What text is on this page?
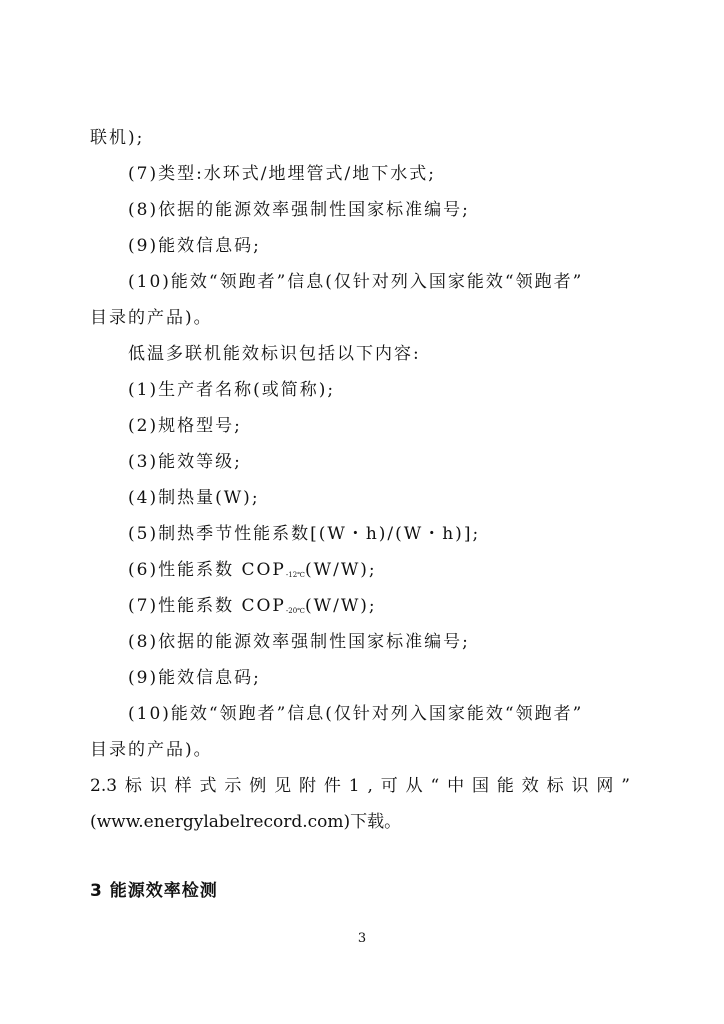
联机);
(7)类型:水环式/地埋管式/地下水式;
(8)依据的能源效率强制性国家标准编号;
(9)能效信息码;
(10)能效“领跑者”信息(仅针对列入国家能效“领跑者”
目录的产品)。
低温多联机能效标识包括以下内容:
(1)生产者名称(或简称);
(2)规格型号;
(3)能效等级;
(4)制热量(W);
(5)制热季节性能系数[(W・h)/(W・h)];
(6)性能系数 COP-12℃(W/W);
(7)性能系数 COP-20℃(W/W);
(8)依据的能源效率强制性国家标准编号;
(9)能效信息码;
(10)能效“领跑者”信息(仅针对列入国家能效“领跑者”
目录的产品)。
2.3 标 识 样 式 示 例 见 附 件 1 , 可 从 “ 中 国 能 效 标 识 网 ”
(www.energylabelrecord.com)下载。
3 能源效率检测
3
